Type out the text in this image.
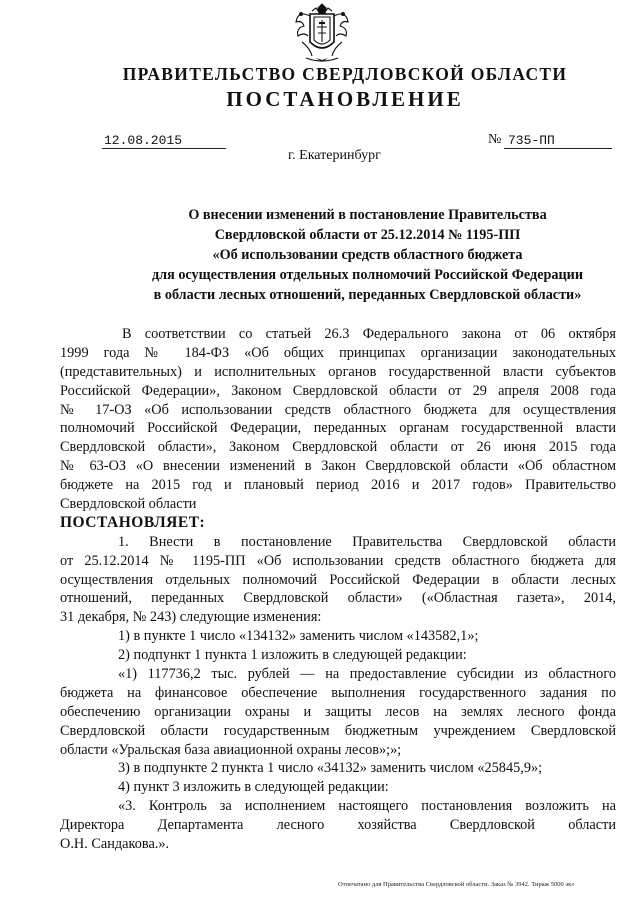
ПРАВИТЕЛЬСТВО СВЕРДЛОВСКОЙ ОБЛАСТИ
ПОСТАНОВЛЕНИЕ
12.08.2015	№ 735-ПП
г. Екатеринбург
О внесении изменений в постановление Правительства
Свердловской области от 25.12.2014 № 1195-ПП
«Об использовании средств областного бюджета
для осуществления отдельных полномочий Российской Федерации
в области лесных отношений, переданных Свердловской области»
В соответствии со статьей 26.3 Федерального закона от 06 октября
1999 года № 184-ФЗ «Об общих принципах организации законодательных
(представительных) и исполнительных органов государственной власти субъектов
Российской Федерации», Законом Свердловской области от 29 апреля 2008 года
№ 17-ОЗ «Об использовании средств областного бюджета для осуществления
полномочий Российской Федерации, переданных органам государственной власти
Свердловской области», Законом Свердловской области от 26 июня 2015 года
№ 63-ОЗ «О внесении изменений в Закон Свердловской области «Об областном
бюджете на 2015 год и плановый период 2016 и 2017 годов» Правительство
Свердловской области
ПОСТАНОВЛЯЕТ:
1. Внести в постановление Правительства Свердловской области
от 25.12.2014 № 1195-ПП «Об использовании средств областного бюджета для
осуществления отдельных полномочий Российской Федерации в области лесных
отношений, переданных Свердловской области» («Областная газета», 2014,
31 декабря, № 243) следующие изменения:
1) в пункте 1 число «134132» заменить числом «143582,1»;
2) подпункт 1 пункта 1 изложить в следующей редакции:
«1) 117736,2 тыс. рублей — на предоставление субсидии из областного
бюджета на финансовое обеспечение выполнения государственного задания по
обеспечению организации охраны и защиты лесов на землях лесного фонда
Свердловской области государственным бюджетным учреждением Свердловской
области «Уральская база авиационной охраны лесов»;»;
3) в подпункте 2 пункта 1 число «34132» заменить числом «25845,9»;
4) пункт 3 изложить в следующей редакции:
«3. Контроль за исполнением настоящего постановления возложить на
Директора Департамента лесного хозяйства Свердловской области
О.Н. Сандакова.».
Отпечатано для Правительства Свердловской области. Заказ № 3942. Тираж 5000 экз
